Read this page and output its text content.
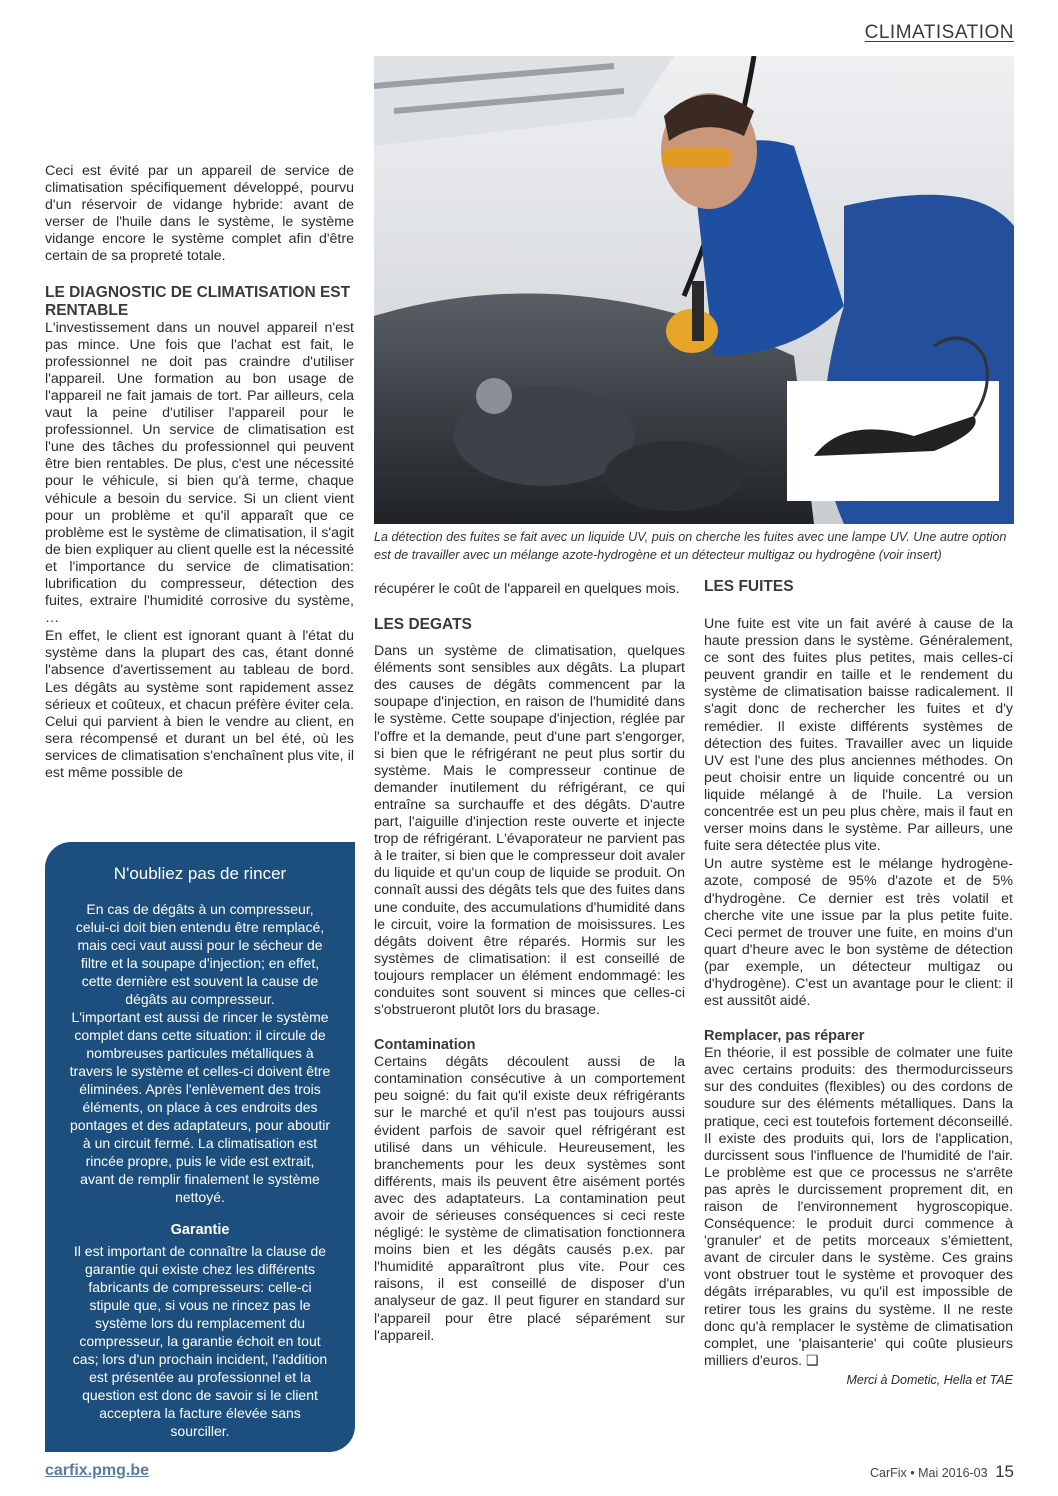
CLIMATISATION
La détection des fuites se fait avec un liquide UV, puis on cherche les fuites avec une lampe UV. Une autre option est de travailler avec un mélange azote-hydrogène et un détecteur multigaz ou hydrogène (voir insert)

Ceci est évité par un appareil de service de climatisation spécifiquement développé, pourvu d'un réservoir de vidange hybride: avant de verser de l'huile dans le système, le système vidange encore le système complet afin d'être certain de sa propreté totale.

LE DIAGNOSTIC DE CLIMATISATION EST RENTABLE

L'investissement dans un nouvel appareil n'est pas mince. Une fois que l'achat est fait, le professionnel ne doit pas craindre d'utiliser l'appareil. Une formation au bon usage de l'appareil ne fait jamais de tort. Par ailleurs, cela vaut la peine d'utiliser l'appareil pour le professionnel. Un service de climatisation est l'une des tâches du professionnel qui peuvent être bien rentables. De plus, c'est une nécessité pour le véhicule, si bien qu'à terme, chaque véhicule a besoin du service. Si un client vient pour un problème et qu'il apparaît que ce problème est le système de climatisation, il s'agit de bien expliquer au client quelle est la nécessité et l'importance du service de climatisation: lubrification du compresseur, détection des fuites, extraire l'humidité corrosive du système, …

En effet, le client est ignorant quant à l'état du système dans la plupart des cas, étant donné l'absence d'avertissement au tableau de bord. Les dégâts au système sont rapidement assez sérieux et coûteux, et chacun préfère éviter cela. Celui qui parvient à bien le vendre au client, en sera récompensé et durant un bel été, où les services de climatisation s'enchaînent plus vite, il est même possible de

N'oubliez pas de rincer

En cas de dégâts à un compresseur, celui-ci doit bien entendu être remplacé, mais ceci vaut aussi pour le sécheur de filtre et la soupape d'injection; en effet, cette dernière est souvent la cause de dégâts au compresseur.

L'important est aussi de rincer le système complet dans cette situation: il circule de nombreuses particules métalliques à travers le système et celles-ci doivent être éliminées. Après l'enlèvement des trois éléments, on place à ces endroits des pontages et des adaptateurs, pour aboutir à un circuit fermé. La climatisation est rincée propre, puis le vide est extrait, avant de remplir finalement le système nettoyé.

Garantie

Il est important de connaître la clause de garantie qui existe chez les différents fabricants de compresseurs: celle-ci stipule que, si vous ne rincez pas le système lors du remplacement du compresseur, la garantie échoit en tout cas; lors d'un prochain incident, l'addition est présentée au professionnel et la question est donc de savoir si le client acceptera la facture élevée sans sourciller.

récupérer le coût de l'appareil en quelques mois.

LES DEGATS

Dans un système de climatisation, quelques éléments sont sensibles aux dégâts. La plupart des causes de dégâts commencent par la soupape d'injection, en raison de l'humidité dans le système. Cette soupape d'injection, réglée par l'offre et la demande, peut d'une part s'engorger, si bien que le réfrigérant ne peut plus sortir du système. Mais le compresseur continue de demander inutilement du réfrigérant, ce qui entraîne sa surchauffe et des dégâts. D'autre part, l'aiguille d'injection reste ouverte et injecte trop de réfrigérant. L'évaporateur ne parvient pas à le traiter, si bien que le compresseur doit avaler du liquide et qu'un coup de liquide se produit. On connaît aussi des dégâts tels que des fuites dans une conduite, des accumulations d'humidité dans le circuit, voire la formation de moisissures. Les dégâts doivent être réparés. Hormis sur les systèmes de climatisation: il est conseillé de toujours remplacer un élément endommagé: les conduites sont souvent si minces que celles-ci s'obstrueront plutôt lors du brasage.

Contamination

Certains dégâts découlent aussi de la contamination consécutive à un comportement peu soigné: du fait qu'il existe deux réfrigérants sur le marché et qu'il n'est pas toujours aussi évident parfois de savoir quel réfrigérant est utilisé dans un véhicule. Heureusement, les branchements pour les deux systèmes sont différents, mais ils peuvent être aisément portés avec des adaptateurs. La contamination peut avoir de sérieuses conséquences si ceci reste négligé: le système de climatisation fonctionnera moins bien et les dégâts causés p.ex. par l'humidité apparaîtront plus vite. Pour ces raisons, il est conseillé de disposer d'un analyseur de gaz. Il peut figurer en standard sur l'appareil pour être placé séparément sur l'appareil.

LES FUITES

Une fuite est vite un fait avéré à cause de la haute pression dans le système. Généralement, ce sont des fuites plus petites, mais celles-ci peuvent grandir en taille et le rendement du système de climatisation baisse radicalement. Il s'agit donc de rechercher les fuites et d'y remédier. Il existe différents systèmes de détection des fuites. Travailler avec un liquide UV est l'une des plus anciennes méthodes. On peut choisir entre un liquide concentré ou un liquide mélangé à de l'huile. La version concentrée est un peu plus chère, mais il faut en verser moins dans le système. Par ailleurs, une fuite sera détectée plus vite.

Un autre système est le mélange hydrogène-azote, composé de 95% d'azote et de 5% d'hydrogène. Ce dernier est très volatil et cherche vite une issue par la plus petite fuite. Ceci permet de trouver une fuite, en moins d'un quart d'heure avec le bon système de détection (par exemple, un détecteur multigaz ou d'hydrogène). C'est un avantage pour le client: il est aussitôt aidé.

Remplacer, pas réparer

En théorie, il est possible de colmater une fuite avec certains produits: des thermodurcisseurs sur des conduites (flexibles) ou des cordons de soudure sur des éléments métalliques. Dans la pratique, ceci est toutefois fortement déconseillé. Il existe des produits qui, lors de l'application, durcissent sous l'influence de l'humidité de l'air. Le problème est que ce processus ne s'arrête pas après le durcissement proprement dit, en raison de l'environnement hygroscopique. Conséquence: le produit durci commence à 'granuler' et de petits morceaux s'émiettent, avant de circuler dans le système. Ces grains vont obstruer tout le système et provoquer des dégâts irréparables, vu qu'il est impossible de retirer tous les grains du système. Il ne reste donc qu'à remplacer le système de climatisation complet, une 'plaisanterie' qui coûte plusieurs milliers d'euros. ❑

Merci à Dometic, Hella et TAE
carfix.pmg.be	CarFix • Mai 2016-03 15
